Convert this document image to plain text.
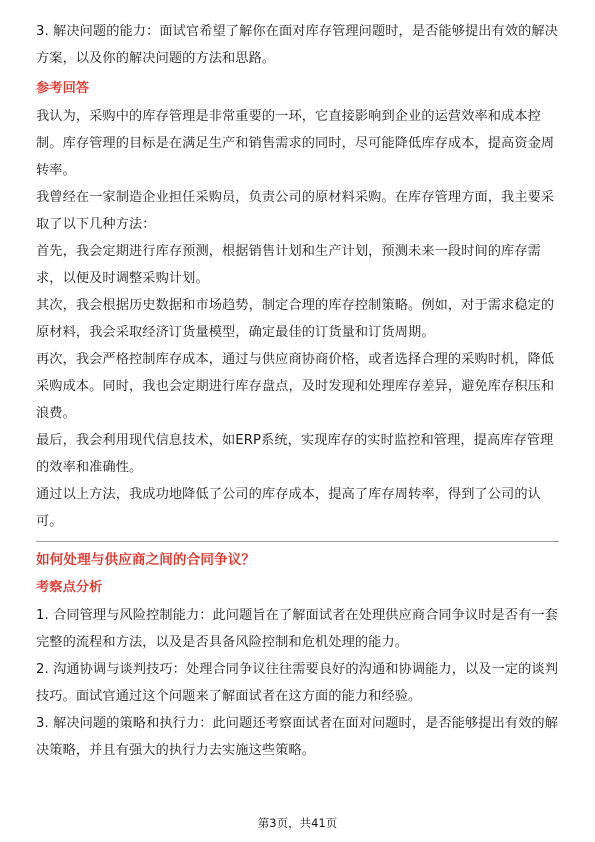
3. 解决问题的能力：面试官希望了解你在面对库存管理问题时，是否能够提出有效的解决方案，以及你的解决问题的方法和思路。

参考回答

我认为，采购中的库存管理是非常重要的一环，它直接影响到企业的运营效率和成本控制。库存管理的目标是在满足生产和销售需求的同时，尽可能降低库存成本，提高资金周转率。

我曾经在一家制造企业担任采购员，负责公司的原材料采购。在库存管理方面，我主要采取了以下几种方法：

首先，我会定期进行库存预测，根据销售计划和生产计划，预测未来一段时间的库存需求，以便及时调整采购计划。

其次，我会根据历史数据和市场趋势，制定合理的库存控制策略。例如，对于需求稳定的原材料，我会采取经济订货量模型，确定最佳的订货量和订货周期。

再次，我会严格控制库存成本，通过与供应商协商价格，或者选择合理的采购时机，降低采购成本。同时，我也会定期进行库存盘点，及时发现和处理库存差异，避免库存积压和浪费。

最后，我会利用现代信息技术，如ERP系统，实现库存的实时监控和管理，提高库存管理的效率和准确性。

通过以上方法，我成功地降低了公司的库存成本，提高了库存周转率，得到了公司的认可。

如何处理与供应商之间的合同争议？

考察点分析

1. 合同管理与风险控制能力：此问题旨在了解面试者在处理供应商合同争议时是否有一套完整的流程和方法，以及是否具备风险控制和危机处理的能力。

2. 沟通协调与谈判技巧：处理合同争议往往需要良好的沟通和协调能力，以及一定的谈判技巧。面试官通过这个问题来了解面试者在这方面的能力和经验。

3. 解决问题的策略和执行力：此问题还考察面试者在面对问题时，是否能够提出有效的解决策略，并且有强大的执行力去实施这些策略。

第3页，共41页
